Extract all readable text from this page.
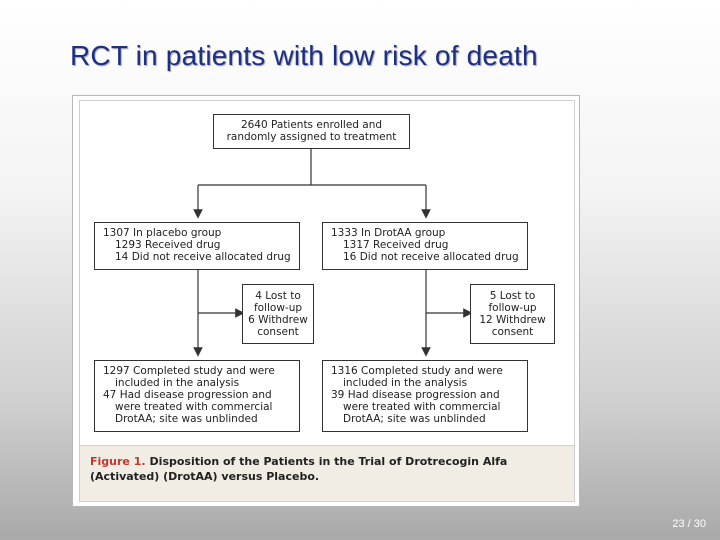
RCT in patients with low risk of death
2640 Patients enrolled and
randomly assigned to treatment
1307 In placebo group
1293 Received drug
14 Did not receive allocated drug
1333 In DrotAA group
1317 Received drug
16 Did not receive allocated drug
4 Lost to
follow-up
6 Withdrew
consent
5 Lost to
follow-up
12 Withdrew
consent
1297 Completed study and were
included in the analysis
47 Had disease progression and
were treated with commercial
DrotAA; site was unblinded
1316 Completed study and were
included in the analysis
39 Had disease progression and
were treated with commercial
DrotAA; site was unblinded
Figure 1. Disposition of the Patients in the Trial of Drotrecogin Alfa (Activated) (DrotAA) versus Placebo.
23 / 30
